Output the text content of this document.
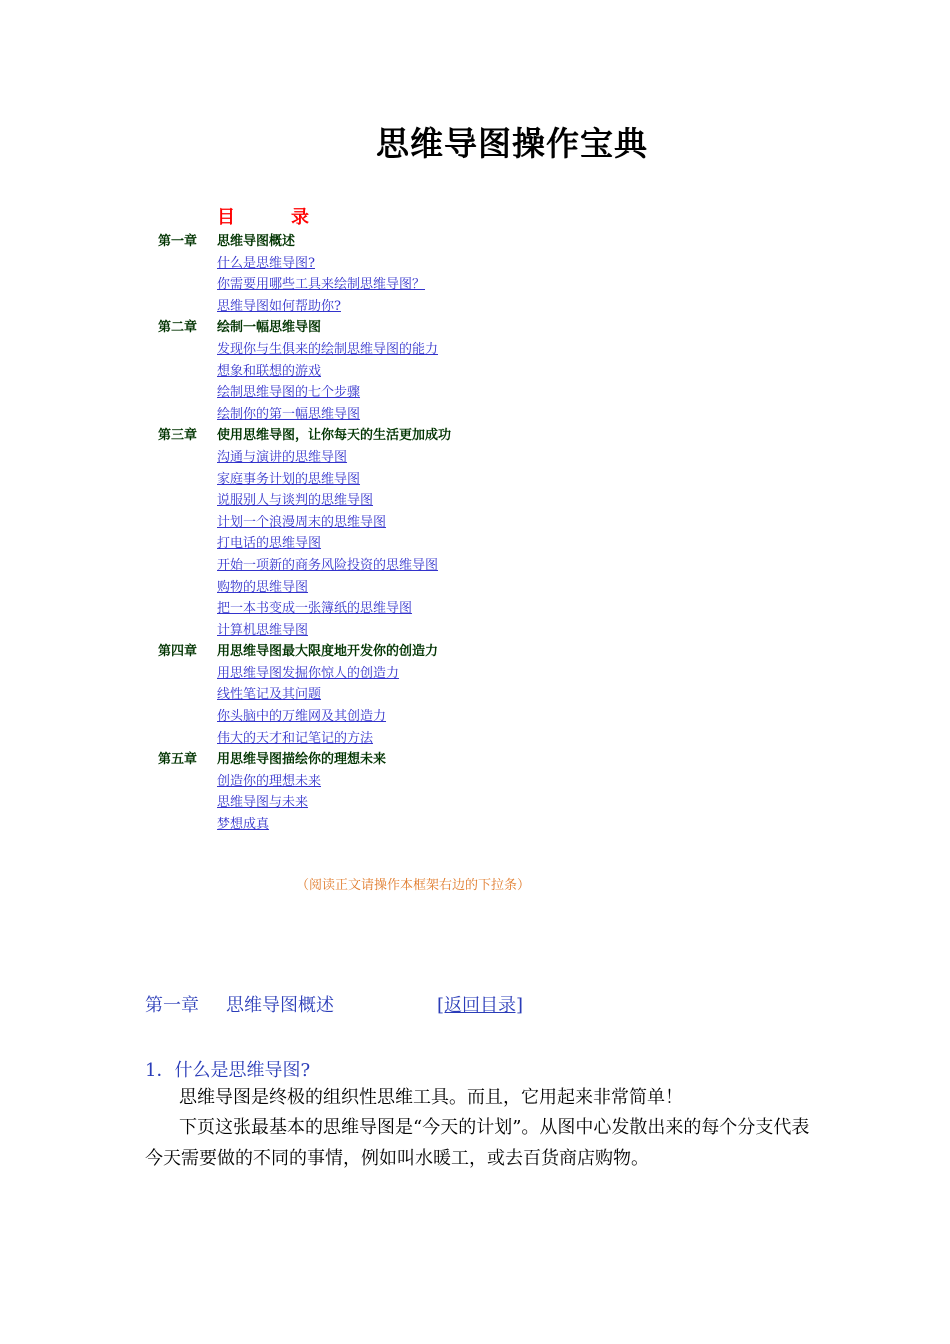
思维导图操作宝典
目	录
第一章 思维导图概述
什么是思维导图?
你需要用哪些工具来绘制思维导图？
思维导图如何帮助你?
第二章 绘制一幅思维导图
发现你与生俱来的绘制思维导图的能力
想象和联想的游戏
绘制思维导图的七个步骤
绘制你的第一幅思维导图
第三章 使用思维导图，让你每天的生活更加成功
沟通与演讲的思维导图
家庭事务计划的思维导图
说服别人与谈判的思维导图
计划一个浪漫周末的思维导图
打电话的思维导图
开始一项新的商务风险投资的思维导图
购物的思维导图
把一本书变成一张簿纸的思维导图
计算机思维导图
第四章 用思维导图最大限度地开发你的创造力
用思维导图发掘你惊人的创造力
线性笔记及其问题
你头脑中的万维网及其创造力
伟大的天才和记笔记的方法
第五章 用思维导图描绘你的理想未来
创造你的理想未来
思维导图与未来
梦想成真
（阅读正文请操作本框架右边的下拉条）
第一章 思维导图概述	[返回目录]
1．什么是思维导图?
思维导图是终极的组织性思维工具。而且，它用起来非常简单！
下页这张最基本的思维导图是“今天的计划”。从图中心发散出来的每个分支代表今天需要做的不同的事情，例如叫水暖工，或去百货商店购物。
